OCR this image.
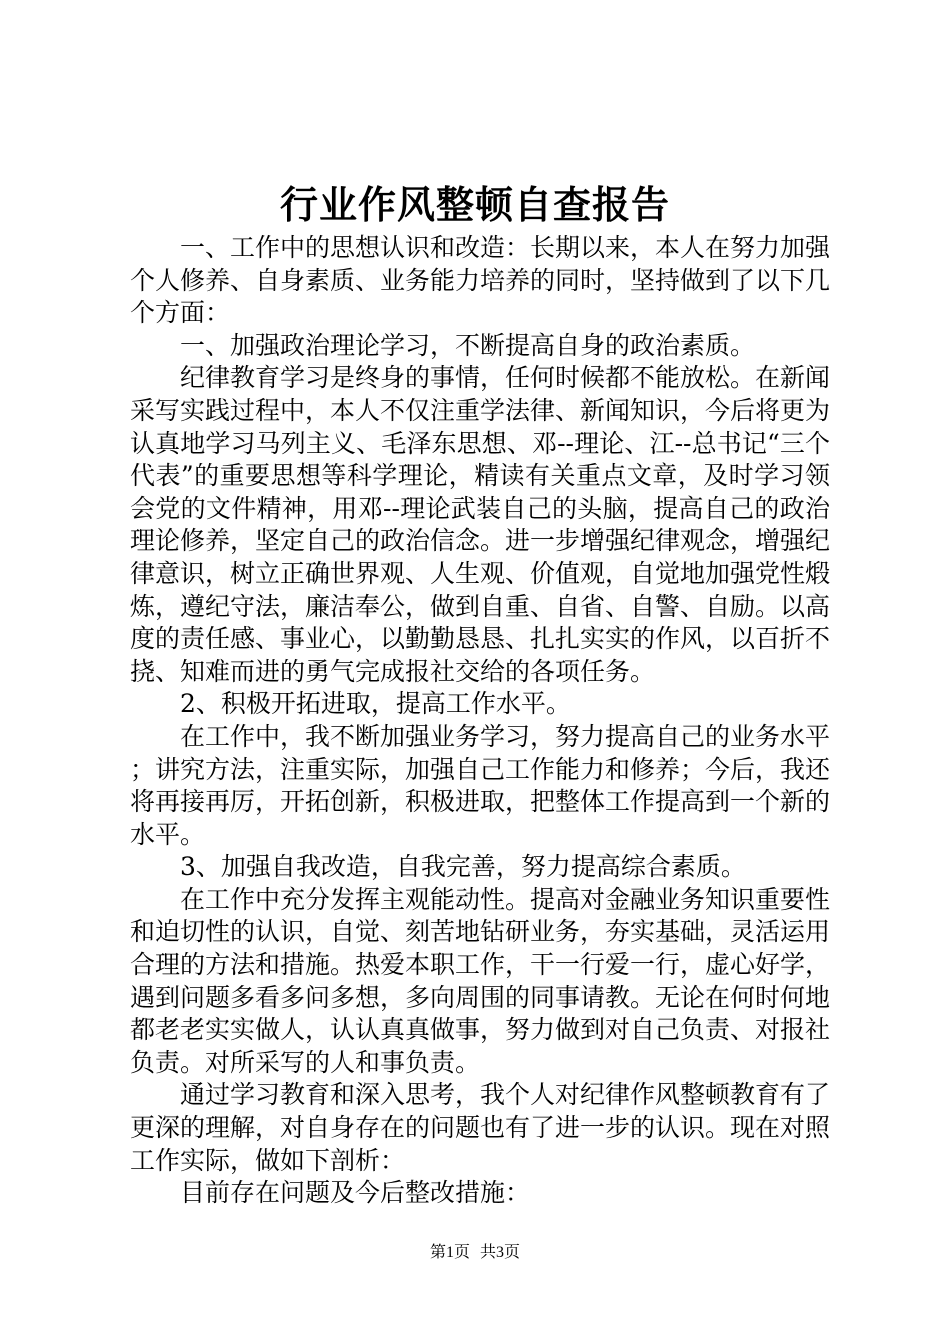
行业作风整顿自查报告

一、工作中的思想认识和改造：长期以来，本人在努力加强个人修养、自身素质、业务能力培养的同时，坚持做到了以下几个方面：

一、加强政治理论学习，不断提高自身的政治素质。

纪律教育学习是终身的事情，任何时候都不能放松。在新闻采写实践过程中，本人不仅注重学法律、新闻知识，今后将更为认真地学习马列主义、毛泽东思想、邓--理论、江--总书记“三个代表”的重要思想等科学理论，精读有关重点文章，及时学习领会党的文件精神，用邓--理论武装自己的头脑，提高自己的政治理论修养，坚定自己的政治信念。进一步增强纪律观念，增强纪律意识，树立正确世界观、人生观、价值观，自觉地加强党性煅炼，遵纪守法，廉洁奉公，做到自重、自省、自警、自励。以高度的责任感、事业心，以勤勤恳恳、扎扎实实的作风，以百折不挠、知难而进的勇气完成报社交给的各项任务。

2、积极开拓进取，提高工作水平。

在工作中，我不断加强业务学习，努力提高自己的业务水平；讲究方法，注重实际，加强自己工作能力和修养；今后，我还将再接再厉，开拓创新，积极进取，把整体工作提高到一个新的水平。

3、加强自我改造，自我完善，努力提高综合素质。

在工作中充分发挥主观能动性。提高对金融业务知识重要性和迫切性的认识，自觉、刻苦地钻研业务，夯实基础，灵活运用合理的方法和措施。热爱本职工作，干一行爱一行，虚心好学，遇到问题多看多问多想，多向周围的同事请教。无论在何时何地都老老实实做人，认认真真做事，努力做到对自己负责、对报社负责。对所采写的人和事负责。

通过学习教育和深入思考，我个人对纪律作风整顿教育有了更深的理解，对自身存在的问题也有了进一步的认识。现在对照工作实际，做如下剖析：

目前存在问题及今后整改措施：

第1页 共3页
